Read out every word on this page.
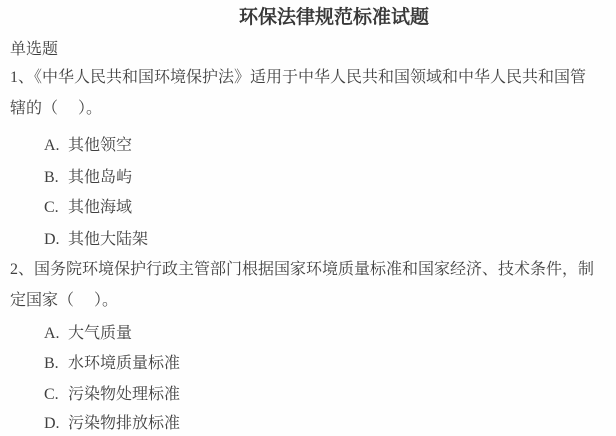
环保法律规范标准试题
单选题
1、《中华人民共和国环境保护法》适用于中华人民共和国领域和中华人民共和国管辖的（　 ）。
A. 其他领空
B. 其他岛屿
C. 其他海域
D. 其他大陆架
2、国务院环境保护行政主管部门根据国家环境质量标准和国家经济、技术条件，制定国家（　 ）。
A. 大气质量
B. 水环境质量标准
C. 污染物处理标准
D. 污染物排放标准
